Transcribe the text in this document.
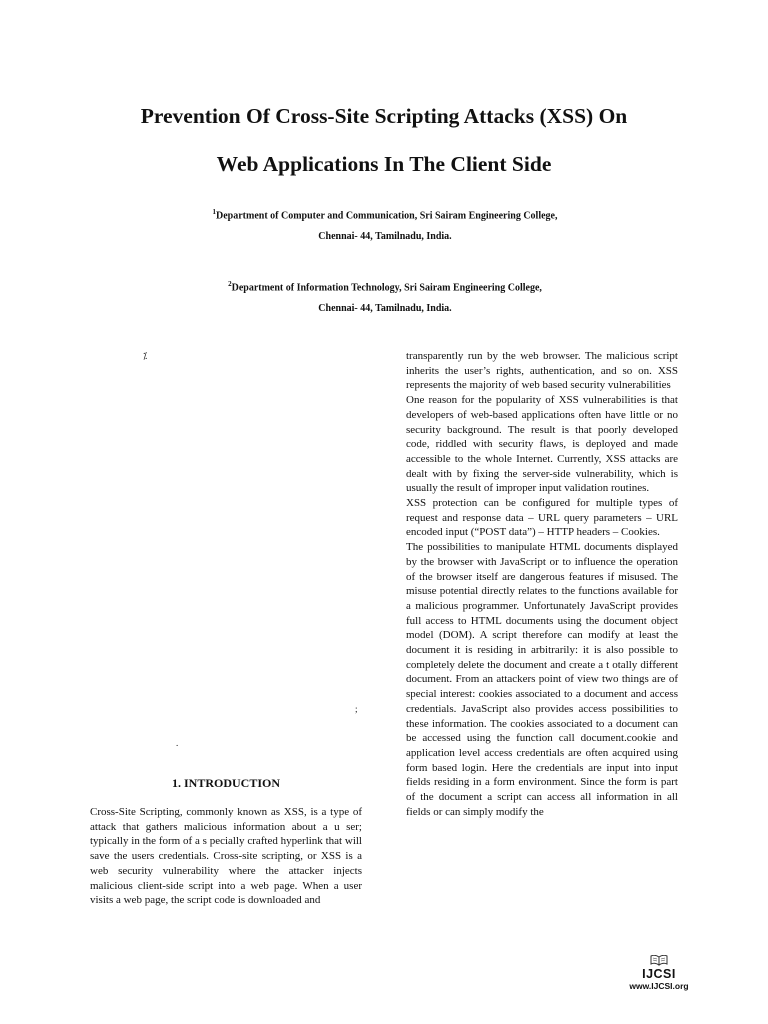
Prevention Of Cross-Site Scripting Attacks (XSS) On
Web Applications In The Client Side
$^1$Department of Computer and Communication, Sri Sairam Engineering College,
Chennai- 44, Tamilnadu, India.
$^2$Department of Information Technology, Sri Sairam Engineering College,
Chennai- 44, Tamilnadu, India.
⁒
;
.
1. INTRODUCTION

Cross-Site Scripting, commonly known as XSS, is a type of attack that gathers malicious information about a u ser; typically in the form of a s pecially crafted hyperlink that will save the users credentials. Cross-site scripting, or XSS is a web security vulnerability where the attacker injects malicious client-side script into a web page. When a user visits a web page, the script code is downloaded and

transparently run by the web browser. The malicious script inherits the user’s rights, authentication, and so on. XSS represents the majority of web based security vulnerabilities

One reason for the popularity of XSS vulnerabilities is that developers of web-based applications often have little or no security background. The result is that poorly developed code, riddled with security flaws, is deployed and made accessible to the whole Internet. Currently, XSS attacks are dealt with by fixing the server-side vulnerability, which is usually the result of improper input validation routines.

XSS protection can be configured for multiple types of request and response data – URL query parameters – URL encoded input (“POST data”) – HTTP headers – Cookies.

The possibilities to manipulate HTML documents displayed by the browser with JavaScript or to influence the operation of the browser itself are dangerous features if misused. The misuse potential directly relates to the functions available for a malicious programmer. Unfortunately JavaScript provides full access to HTML documents using the document object model (DOM). A script therefore can modify at least the document it is residing in arbitrarily: it is also possible to completely delete the document and create a t otally different document. From an attackers point of view two things are of special interest: cookies associated to a document and access credentials. JavaScript also provides access possibilities to these information. The cookies associated to a document can be accessed using the function call document.cookie and application level access credentials are often acquired using form based login. Here the credentials are input into input fields residing in a form environment. Since the form is part of the document a script can access all information in all fields or can simply modify the

IJCSI
www.IJCSI.org
